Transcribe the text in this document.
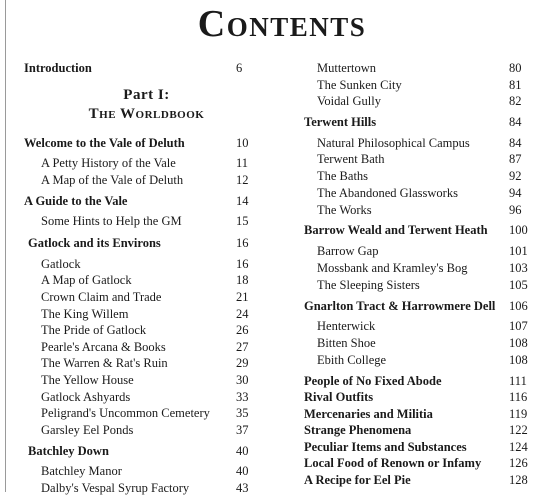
Contents
Part I:
The Worldbook
Introduction	6
Welcome to the Vale of Deluth	10
A Petty History of the Vale	11
A Map of the Vale of Deluth	12
A Guide to the Vale	14
Some Hints to Help the GM	15
Gatlock and its Environs	16
Gatlock	16
A Map of Gatlock	18
Crown Claim and Trade	21
The King Willem	24
The Pride of Gatlock	26
Pearle's Arcana & Books	27
The Warren & Rat's Ruin	29
The Yellow House	30
Gatlock Ashyards	33
Peligrand's Uncommon Cemetery 35
Garsley Eel Ponds	37
Batchley Down	40
Batchley Manor	40
Dalby's Vespal Syrup Factory	43
Muttertown	80
The Sunken City	81
Voidal Gully	82
Terwent Hills	84
Natural Philosophical Campus	84
Terwent Bath	87
The Baths	92
The Abandoned Glassworks	94
The Works	96
Barrow Weald and Terwent Heath 100
Barrow Gap	101
Mossbank and Kramley's Bog	103
The Sleeping Sisters	105
Gnarlton Tract & Harrowmere Dell 106
Henterwick	107
Bitten Shoe	108
Ebith College	108
People of No Fixed Abode	111
Rival Outfits	116
Mercenaries and Militia	119
Strange Phenomena	122
Peculiar Items and Substances	124
Local Food of Renown or Infamy 126
A Recipe for Eel Pie	128
